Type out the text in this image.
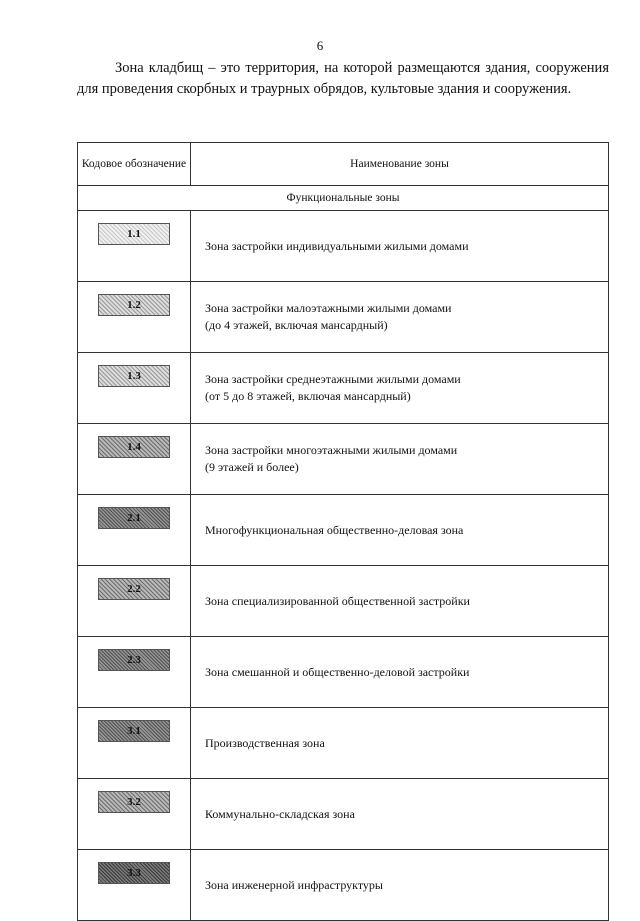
6

Зона кладбищ – это территория, на которой размещаются здания, сооружения для проведения скорбных и траурных обрядов, культовые здания и сооружения.

Кодовое обозначение	Наименование зоны
Функциональные зоны	
1.1	Зона застройки индивидуальными жилыми домами

1.2	Зона застройки малоэтажными жилыми домами
(до 4 этажей, включая мансардный)

1.3	Зона застройки среднеэтажными жилыми домами
(от 5 до 8 этажей, включая мансардный)

1.4	Зона застройки многоэтажными жилыми домами
(9 этажей и более)

2.1	Многофункциональная общественно-деловая зона

2.2	Зона специализированной общественной застройки

2.3	Зона смешанной и общественно-деловой застройки

3.1	Производственная зона

3.2	Коммунально-складская зона

3.3	Зона инженерной инфраструктуры
